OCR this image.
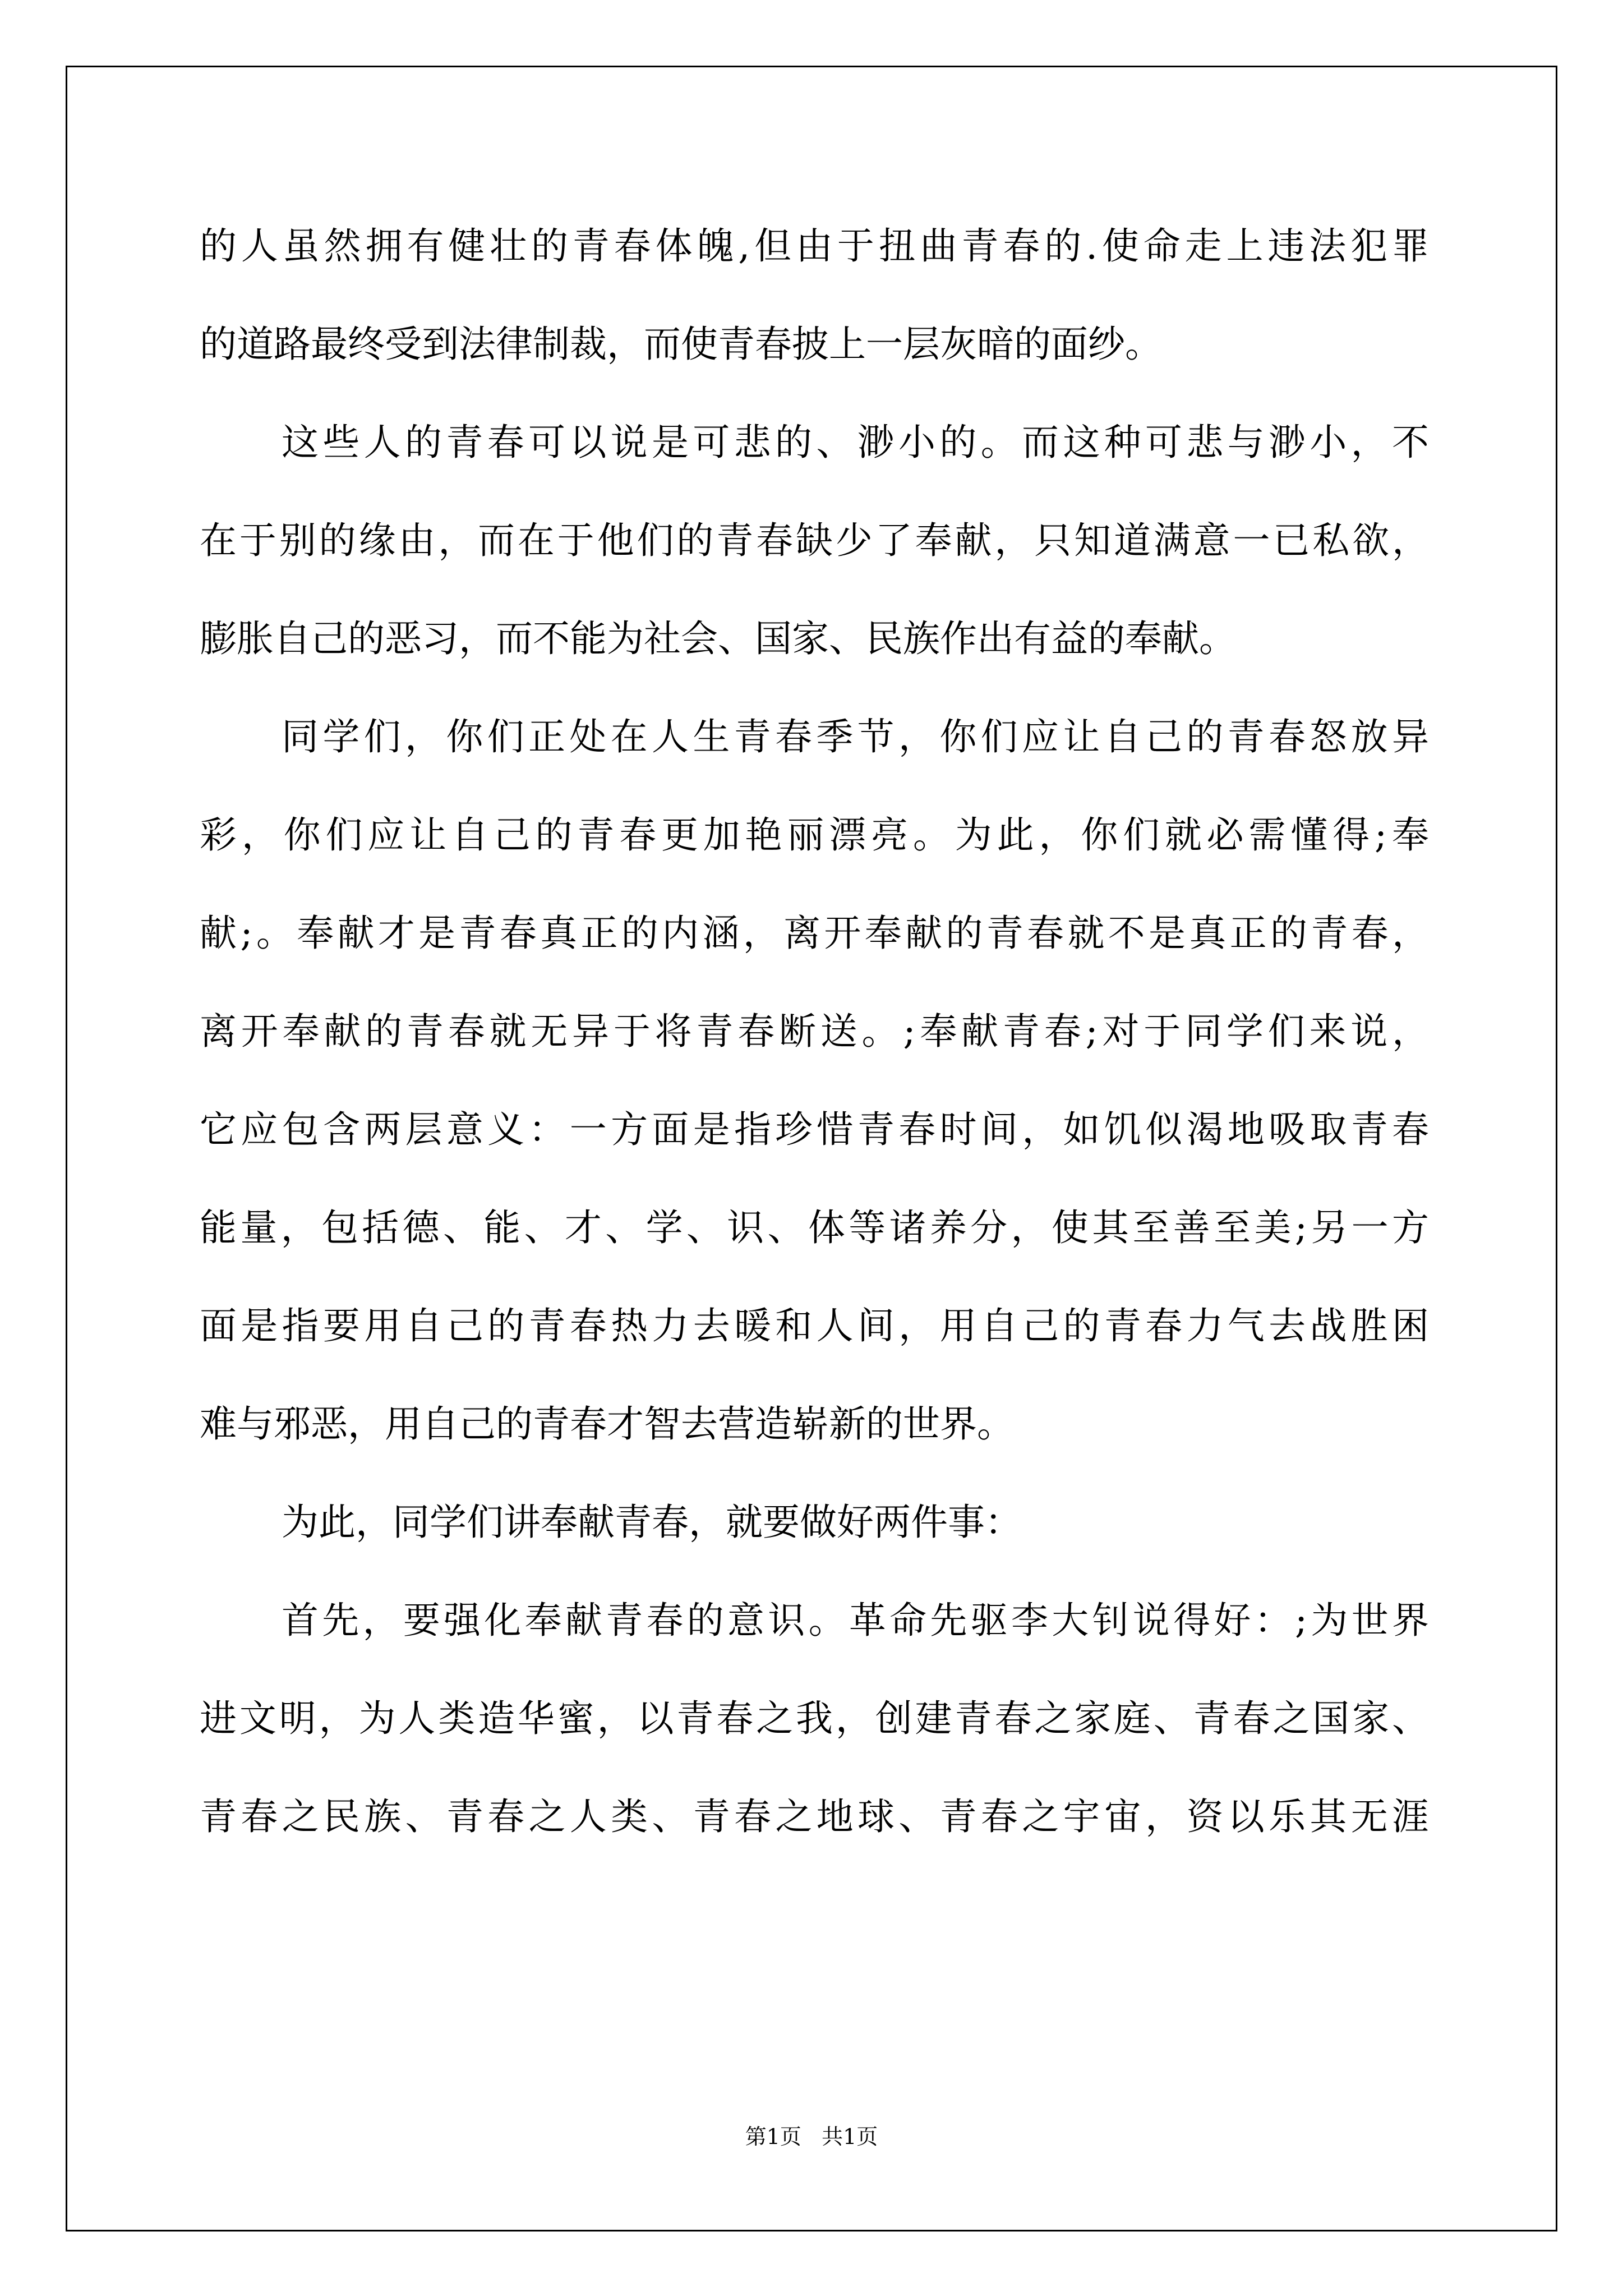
的人虽然拥有健壮的青春体魄,但由于扭曲青春的.使命走上违法犯罪
的道路最终受到法律制裁，而使青春披上一层灰暗的面纱。
这些人的青春可以说是可悲的、渺小的。而这种可悲与渺小，不
在于别的缘由，而在于他们的青春缺少了奉献，只知道满意一已私欲，
膨胀自己的恶习，而不能为社会、国家、民族作出有益的奉献。
同学们，你们正处在人生青春季节，你们应让自己的青春怒放异
彩，你们应让自己的青春更加艳丽漂亮。为此，你们就必需懂得;奉
献;。奉献才是青春真正的内涵，离开奉献的青春就不是真正的青春，
离开奉献的青春就无异于将青春断送。;奉献青春;对于同学们来说，
它应包含两层意义：一方面是指珍惜青春时间，如饥似渴地吸取青春
能量，包括德、能、才、学、识、体等诸养分，使其至善至美;另一方
面是指要用自己的青春热力去暖和人间，用自己的青春力气去战胜困
难与邪恶，用自己的青春才智去营造崭新的世界。
为此，同学们讲奉献青春，就要做好两件事：
首先，要强化奉献青春的意识。革命先驱李大钊说得好：;为世界
进文明，为人类造华蜜，以青春之我，创建青春之家庭、青春之国家、
青春之民族、青春之人类、青春之地球、青春之宇宙，资以乐其无涯
第1页   共1页
